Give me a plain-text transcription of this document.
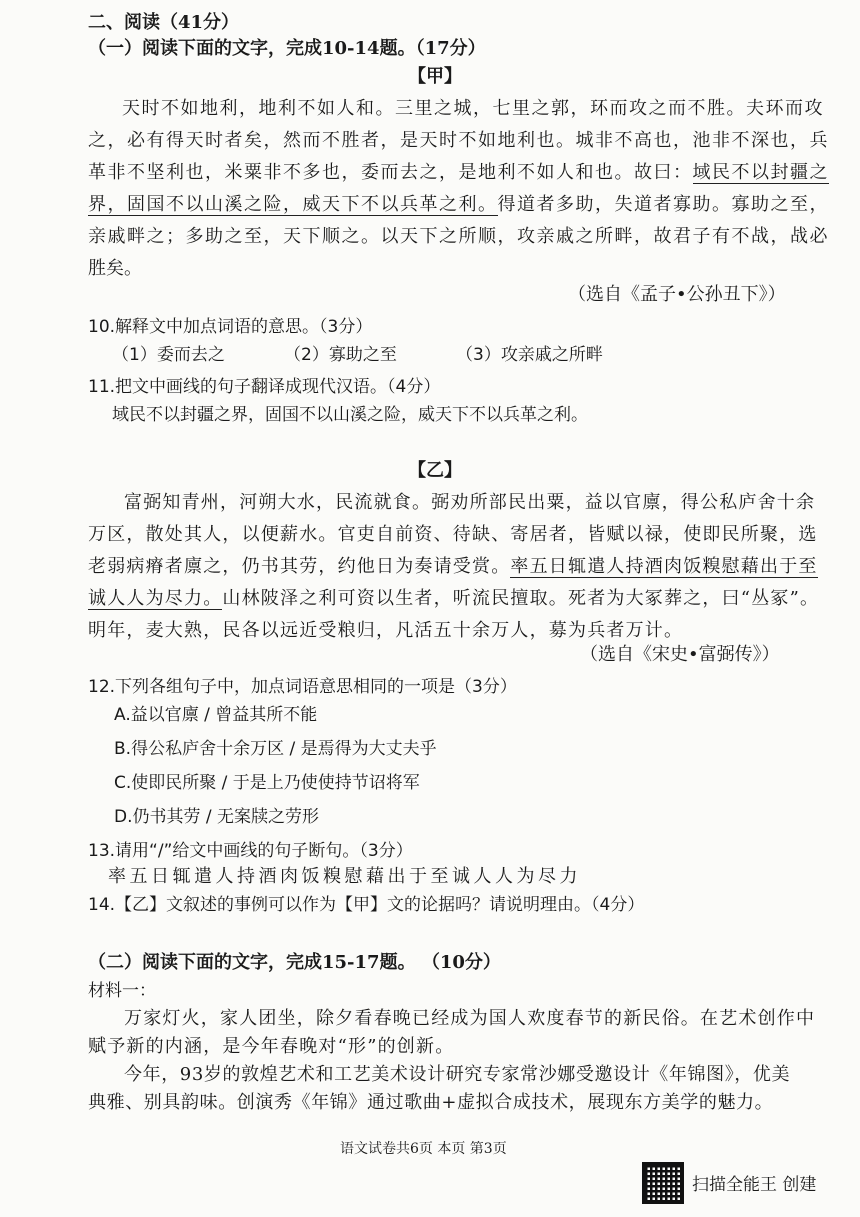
二、阅读（41分）
（一）阅读下面的文字，完成10-14题。（17分）
【甲】
天时不如地利，地利不如人和。三里之城，七里之郭，环而攻之而不胜。夫环而攻
之，必有得天时者矣，然而不胜者，是天时不如地利也。城非不高也，池非不深也，兵
革非不坚利也，米粟非不多也，委而去之，是地利不如人和也。故曰：域民不以封疆之
界，固国不以山溪之险，威天下不以兵革之利。得道者多助，失道者寡助。寡助之至，
亲戚畔之；多助之至，天下顺之。以天下之所顺，攻亲戚之所畔，故君子有不战，战必
胜矣。
（选自《孟子•公孙丑下》）
10.解释文中加点词语的意思。（3分）
（1）委而去之	（2）寡助之至	（3）攻亲戚之所畔
11.把文中画线的句子翻译成现代汉语。（4分）
域民不以封疆之界，固国不以山溪之险，威天下不以兵革之利。
【乙】
富弼知青州，河朔大水，民流就食。弼劝所部民出粟，益以官廪，得公私庐舍十余
万区，散处其人，以便薪水。官吏自前资、待缺、寄居者，皆赋以禄，使即民所聚，选
老弱病瘠者廪之，仍书其劳，约他日为奏请受赏。率五日辄遣人持酒肉饭糗慰藉出于至
诚人人为尽力。山林陂泽之利可资以生者，听流民擅取。死者为大冢葬之，曰“丛冢”。
明年，麦大熟，民各以远近受粮归，凡活五十余万人，募为兵者万计。
（选自《宋史•富弼传》）
12.下列各组句子中，加点词语意思相同的一项是（3分）
A.益以官廪 / 曾益其所不能
B.得公私庐舍十余万区 / 是焉得为大丈夫乎
C.使即民所聚 / 于是上乃使使持节诏将军
D.仍书其劳 / 无案牍之劳形
13.请用“/”给文中画线的句子断句。（3分）
率五日辄遣人持酒肉饭糗慰藉出于至诚人人为尽力
14.【乙】文叙述的事例可以作为【甲】文的论据吗？请说明理由。（4分）
（二）阅读下面的文字，完成15-17题。 （10分）
材料一：
万家灯火，家人团坐，除夕看春晚已经成为国人欢度春节的新民俗。在艺术创作中
赋予新的内涵，是今年春晚对“形”的创新。
今年，93岁的敦煌艺术和工艺美术设计研究专家常沙娜受邀设计《年锦图》，优美
典雅、别具韵味。创演秀《年锦》通过歌曲+虚拟合成技术，展现东方美学的魅力。
语文试卷共6页 本页 第3页
扫描全能王 创建
